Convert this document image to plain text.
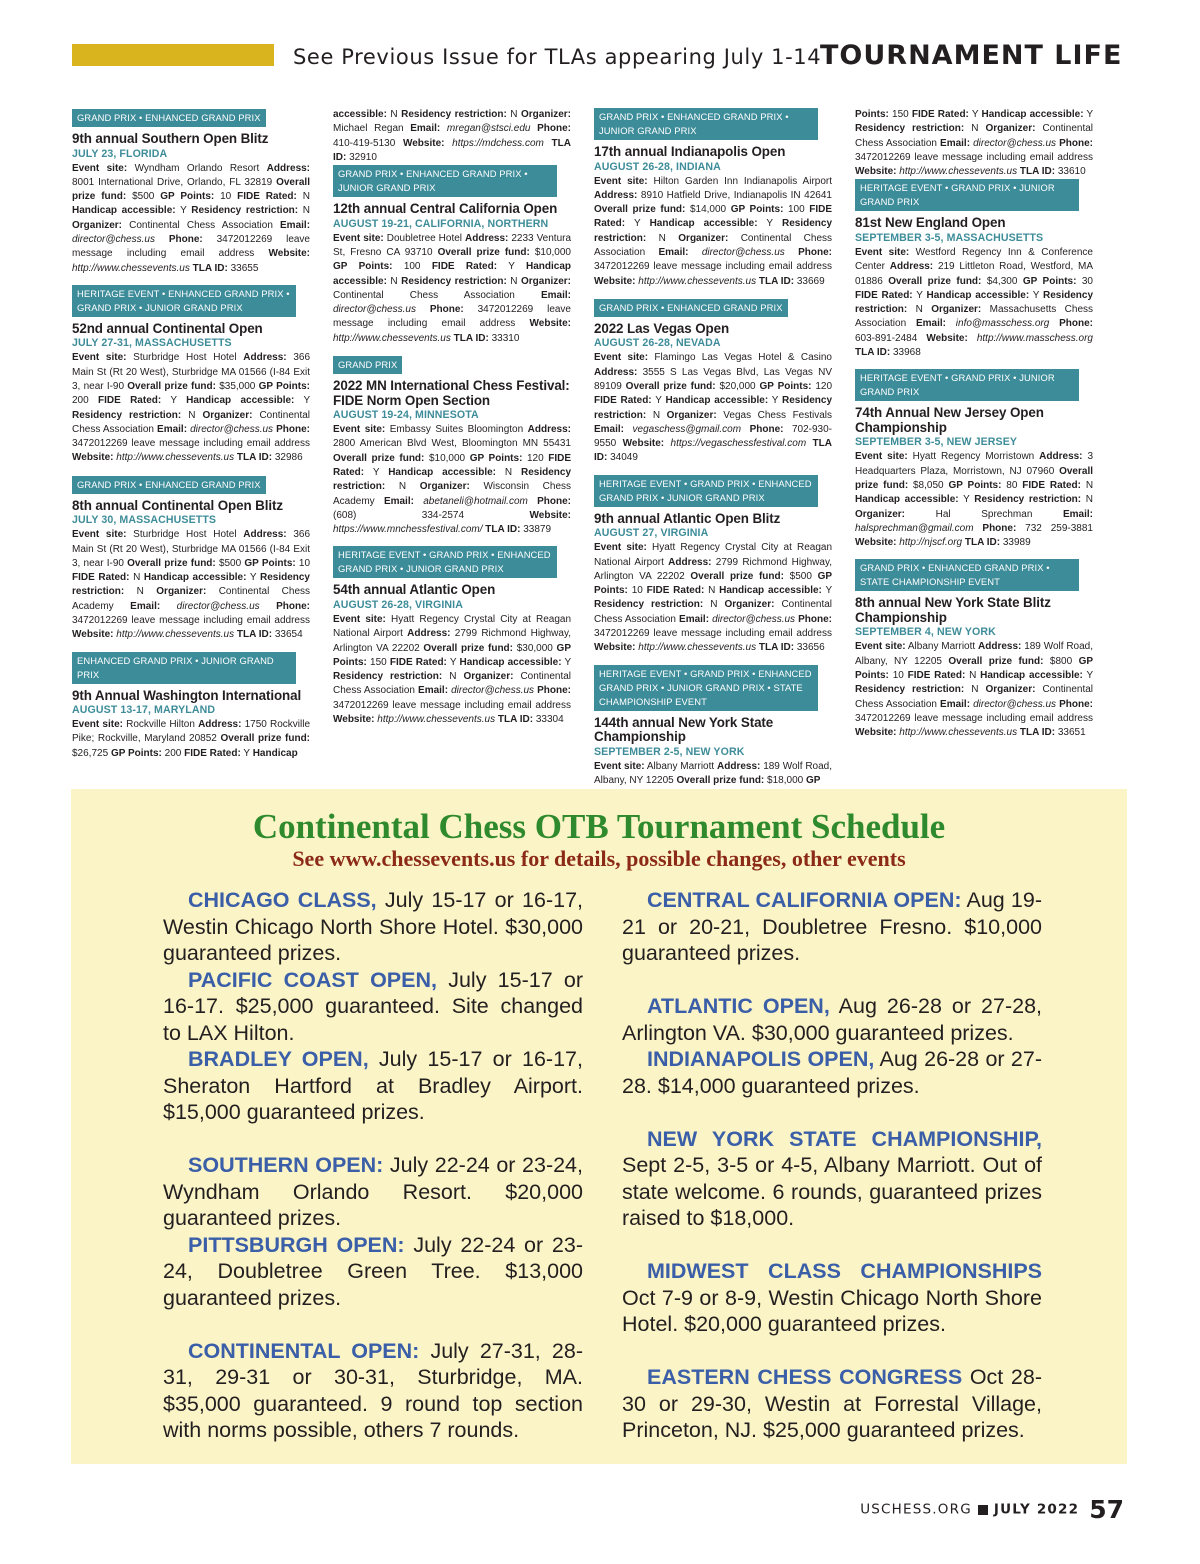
See Previous Issue for TLAs appearing July 1-14
TOURNAMENT LIFE
GRAND PRIX • ENHANCED GRAND PRIX
9th annual Southern Open Blitz
JULY 23, FLORIDA
Event site: Wyndham Orlando Resort Address: 8001 International Drive, Orlando, FL 32819 Overall prize fund: $500 GP Points: 10 FIDE Rated: N Handicap accessible: Y Residency restriction: N Organizer: Continental Chess Association Email: director@chess.us Phone: 3472012269 leave message including email address Website: http://www.chessevents.us TLA ID: 33655
HERITAGE EVENT • ENHANCED GRAND PRIX • GRAND PRIX • JUNIOR GRAND PRIX
52nd annual Continental Open
JULY 27-31, MASSACHUSETTS
Event site: Sturbridge Host Hotel Address: 366 Main St (Rt 20 West), Sturbridge MA 01566 (I-84 Exit 3, near I-90 Overall prize fund: $35,000 GP Points: 200 FIDE Rated: Y Handicap accessible: Y Residency restriction: N Organizer: Continental Chess Association Email: director@chess.us Phone: 3472012269 leave message including email address Website: http://www.chessevents.us TLA ID: 32986
GRAND PRIX • ENHANCED GRAND PRIX
8th annual Continental Open Blitz
JULY 30, MASSACHUSETTS
Event site: Sturbridge Host Hotel Address: 366 Main St (Rt 20 West), Sturbridge MA 01566 (I-84 Exit 3, near I-90 Overall prize fund: $500 GP Points: 10 FIDE Rated: N Handicap accessible: Y Residency restriction: N Organizer: Continental Chess Academy Email: director@chess.us Phone: 3472012269 leave message including email address Website: http://www.chessevents.us TLA ID: 33654
ENHANCED GRAND PRIX • JUNIOR GRAND PRIX
9th Annual Washington International
AUGUST 13-17, MARYLAND
Event site: Rockville Hilton Address: 1750 Rockville Pike; Rockville, Maryland 20852 Overall prize fund: $26,725 GP Points: 200 FIDE Rated: Y Handicap
accessible: N Residency restriction: N Organizer: Michael Regan Email: mregan@stsci.edu Phone: 410-419-5130 Website: https://mdchess.com TLA ID: 32910
GRAND PRIX • ENHANCED GRAND PRIX • JUNIOR GRAND PRIX
12th annual Central California Open
AUGUST 19-21, CALIFORNIA, NORTHERN
Event site: Doubletree Hotel Address: 2233 Ventura St, Fresno CA 93710 Overall prize fund: $10,000 GP Points: 100 FIDE Rated: Y Handicap accessible: N Residency restriction: N Organizer: Continental Chess Association	Email: director@chess.us Phone: 3472012269 leave message including email address Website: http://www.chessevents.us TLA ID: 33310
GRAND PRIX
2022 MN International Chess Festival: FIDE Norm Open Section
AUGUST 19-24, MINNESOTA
Event site: Embassy Suites Bloomington Address: 2800 American Blvd West, Bloomington MN 55431 Overall prize fund: $10,000 GP Points: 120 FIDE Rated: Y Handicap accessible: N Residency restriction: N Organizer: Wisconsin Chess Academy Email: abetaneli@hotmail.com Phone: (608) 334-2574	Website: https://www.mnchessfestival.com/ TLA ID: 33879
HERITAGE EVENT • GRAND PRIX • ENHANCED GRAND PRIX • JUNIOR GRAND PRIX
54th annual Atlantic Open
AUGUST 26-28, VIRGINIA
Event site: Hyatt Regency Crystal City at Reagan National Airport Address: 2799 Richmond Highway, Arlington VA 22202 Overall prize fund: $30,000 GP Points: 150 FIDE Rated: Y Handicap accessible: Y Residency restriction: N Organizer: Continental Chess Association Email: director@chess.us Phone: 3472012269 leave message including email address Website: http://www.chessevents.us TLA ID: 33304
GRAND PRIX • ENHANCED GRAND PRIX • JUNIOR GRAND PRIX
17th annual Indianapolis Open
AUGUST 26-28, INDIANA
Event site: Hilton Garden Inn Indianapolis Airport Address: 8910 Hatfield Drive, Indianapolis IN 42641 Overall prize fund: $14,000 GP Points: 100 FIDE Rated: Y Handicap accessible: Y Residency restriction: N Organizer: Continental Chess Association Email: director@chess.us Phone: 3472012269 leave message including email address Website: http://www.chessevents.us TLA ID: 33669
GRAND PRIX • ENHANCED GRAND PRIX
2022 Las Vegas Open
AUGUST 26-28, NEVADA
Event site: Flamingo Las Vegas Hotel & Casino Address: 3555 S Las Vegas Blvd, Las Vegas NV 89109 Overall prize fund: $20,000 GP Points: 120 FIDE Rated: Y Handicap accessible: Y Residency restriction: N Organizer: Vegas Chess Festivals Email: vegaschess@gmail.com Phone: 702-930-9550 Website: https://vegaschessfestival.com TLA ID: 34049
HERITAGE EVENT • GRAND PRIX • ENHANCED GRAND PRIX • JUNIOR GRAND PRIX
9th annual Atlantic Open Blitz
AUGUST 27, VIRGINIA
Event site: Hyatt Regency Crystal City at Reagan National Airport Address: 2799 Richmond Highway, Arlington VA 22202 Overall prize fund: $500 GP Points: 10 FIDE Rated: N Handicap accessible: Y Residency restriction: N Organizer: Continental Chess Association Email: director@chess.us Phone: 3472012269 leave message including email address Website: http://www.chessevents.us TLA ID: 33656
HERITAGE EVENT • GRAND PRIX • ENHANCED GRAND PRIX • JUNIOR GRAND PRIX • STATE CHAMPIONSHIP EVENT
144th annual New York State Championship
SEPTEMBER 2-5, NEW YORK
Event site: Albany Marriott Address: 189 Wolf Road, Albany, NY 12205 Overall prize fund: $18,000 GP
Points: 150 FIDE Rated: Y Handicap accessible: Y Residency restriction: N Organizer: Continental Chess Association Email: director@chess.us Phone: 3472012269 leave message including email address Website: http://www.chessevents.us TLA ID: 33610
HERITAGE EVENT • GRAND PRIX • JUNIOR GRAND PRIX
81st New England Open
SEPTEMBER 3-5, MASSACHUSETTS
Event site: Westford Regency Inn & Conference Center Address: 219 Littleton Road, Westford, MA 01886 Overall prize fund: $4,300 GP Points: 30 FIDE Rated: Y Handicap accessible: Y Residency restriction: N Organizer: Massachusetts Chess Association Email: info@masschess.org Phone: 603-891-2484 Website: http://www.masschess.org TLA ID: 33968
HERITAGE EVENT • GRAND PRIX • JUNIOR GRAND PRIX
74th Annual New Jersey Open Championship
SEPTEMBER 3-5, NEW JERSEY
Event site: Hyatt Regency Morristown Address: 3 Headquarters Plaza, Morristown, NJ 07960 Overall prize fund: $8,050 GP Points: 80 FIDE Rated: N Handicap accessible: Y Residency restriction: N Organizer:	Hal Sprechman	Email: halsprechman@gmail.com Phone: 732 259-3881 Website: http://njscf.org TLA ID: 33989
GRAND PRIX • ENHANCED GRAND PRIX • STATE CHAMPIONSHIP EVENT
8th annual New York State Blitz Championship
SEPTEMBER 4, NEW YORK
Event site: Albany Marriott Address: 189 Wolf Road, Albany, NY 12205 Overall prize fund: $800 GP Points: 10 FIDE Rated: N Handicap accessible: Y Residency restriction: N Organizer: Continental Chess Association Email: director@chess.us Phone: 3472012269 leave message including email address Website: http://www.chessevents.us TLA ID: 33651
Continental Chess OTB Tournament Schedule
See www.chessevents.us for details, possible changes, other events

CHICAGO CLASS, July 15-17 or 16-17, Westin Chicago North Shore Hotel. $30,000 guaranteed prizes.

PACIFIC COAST OPEN, July 15-17 or 16-17. $25,000 guaranteed. Site changed to LAX Hilton.

BRADLEY OPEN, July 15-17 or 16-17, Sheraton Hartford at Bradley Airport. $15,000 guaranteed prizes.

SOUTHERN OPEN: July 22-24 or 23-24, Wyndham Orlando Resort. $20,000 guaranteed prizes.

PITTSBURGH OPEN: July 22-24 or 23-24, Doubletree Green Tree. $13,000 guaranteed prizes.

CONTINENTAL OPEN: July 27-31, 28-31, 29-31 or 30-31, Sturbridge, MA. $35,000 guaranteed. 9 round top section with norms possible, others 7 rounds.

CENTRAL CALIFORNIA OPEN: Aug 19-21 or 20-21, Doubletree Fresno. $10,000 guaranteed prizes.

ATLANTIC OPEN, Aug 26-28 or 27-28, Arlington VA. $30,000 guaranteed prizes.

INDIANAPOLIS OPEN, Aug 26-28 or 27-28. $14,000 guaranteed prizes.

NEW YORK STATE CHAMPIONSHIP, Sept 2-5, 3-5 or 4-5, Albany Marriott. Out of state welcome. 6 rounds, guaranteed prizes raised to $18,000.

MIDWEST CLASS CHAMPIONSHIPS Oct 7-9 or 8-9, Westin Chicago North Shore Hotel. $20,000 guaranteed prizes.

EASTERN CHESS CONGRESS Oct 28-30 or 29-30, Westin at Forrestal Village, Princeton, NJ. $25,000 guaranteed prizes.

USCHESS.ORG JULY 2022 57
